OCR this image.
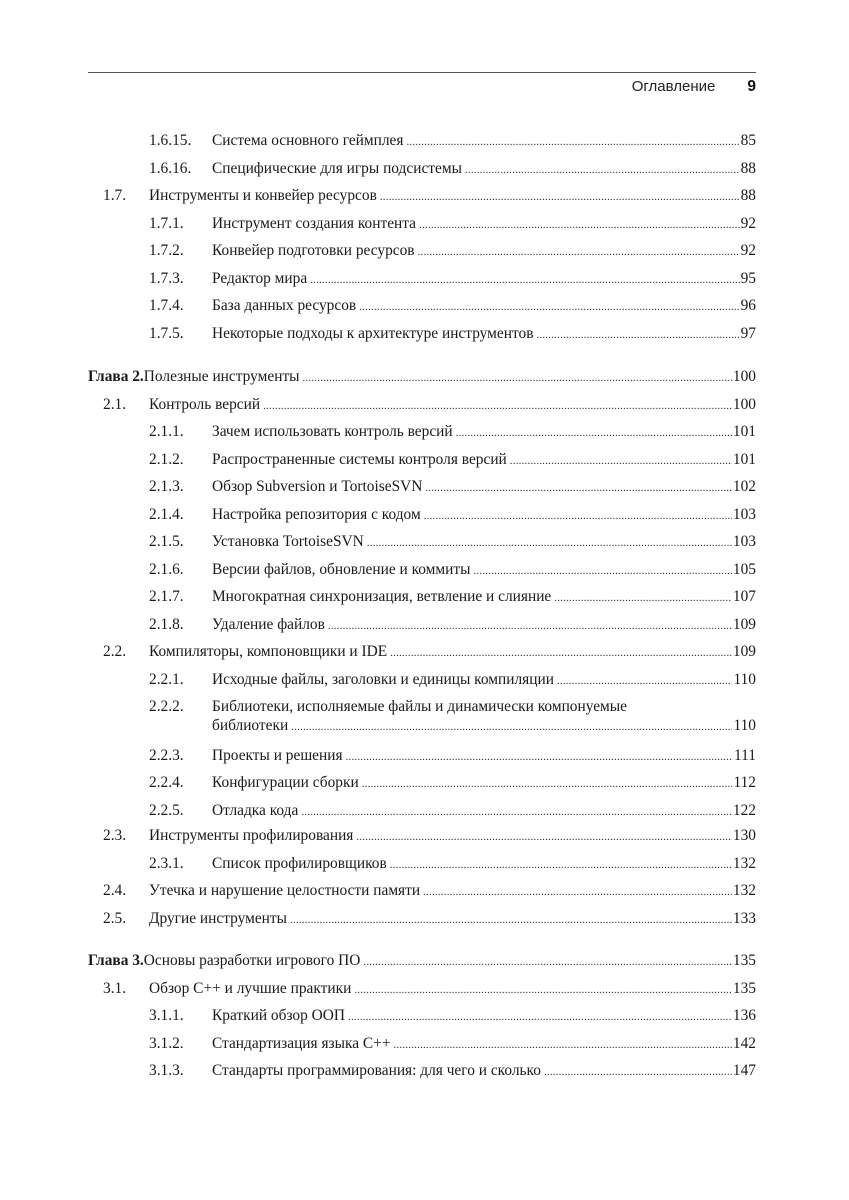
Оглавление 9
1.6.15. Система основного геймплея .....	85
1.6.16. Специфические для игры подсистемы .....	88
1.7. Инструменты и конвейер ресурсов .....	88
1.7.1. Инструмент создания контента .....	92
1.7.2. Конвейер подготовки ресурсов .....	92
1.7.3. Редактор мира .....	95
1.7.4. База данных ресурсов .....	96
1.7.5. Некоторые подходы к архитектуре инструментов .....	97
Глава 2. Полезные инструменты .....	100
2.1. Контроль версий .....	100
2.1.1. Зачем использовать контроль версий .....	101
2.1.2. Распространенные системы контроля версий .....	101
2.1.3. Обзор Subversion и TortoiseSVN .....	102
2.1.4. Настройка репозитория с кодом .....	103
2.1.5. Установка TortoiseSVN .....	103
2.1.6. Версии файлов, обновление и коммиты .....	105
2.1.7. Многократная синхронизация, ветвление и слияние .....	107
2.1.8. Удаление файлов .....	109
2.2. Компиляторы, компоновщики и IDE .....	109
2.2.1. Исходные файлы, заголовки и единицы компиляции .....	110
2.2.2. Библиотеки, исполняемые файлы и динамически компонуемые
библиотеки .....	110
2.2.3. Проекты и решения .....	111
2.2.4. Конфигурации сборки .....	112
2.2.5. Отладка кода .....	122
2.3. Инструменты профилирования .....	130
2.3.1. Список профилировщиков .....	132
2.4. Утечка и нарушение целостности памяти .....	132
2.5. Другие инструменты .....	133
Глава 3. Основы разработки игрового ПО .....	135
3.1. Обзор C++ и лучшие практики .....	135
3.1.1. Краткий обзор ООП .....	136
3.1.2. Стандартизация языка C++ .....	142
3.1.3. Стандарты программирования: для чего и сколько .....	147
